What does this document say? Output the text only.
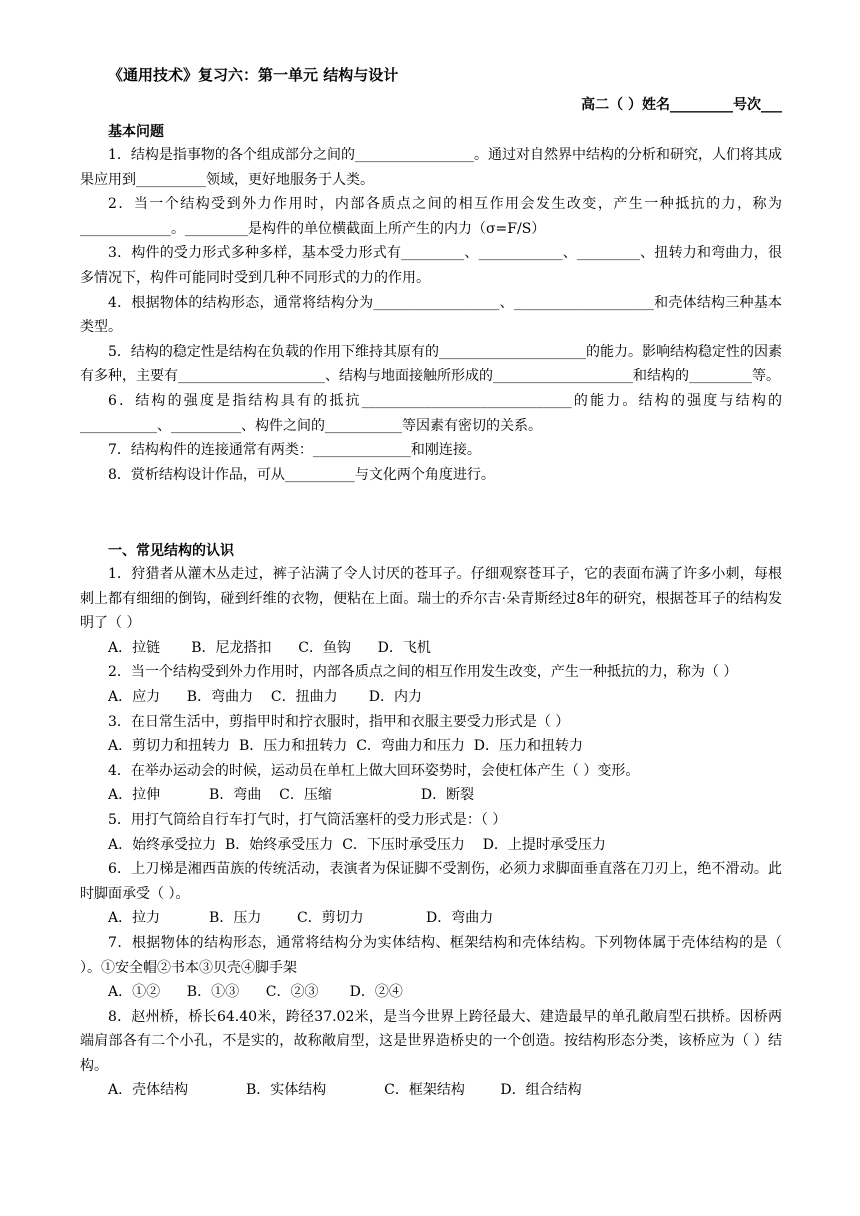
《通用技术》复习六：第一单元 结构与设计
高二（ ）姓名_________号次___
基本问题

1．结构是指事物的各个组成部分之间的_________________。通过对自然界中结构的分析和研究，人们将其成果应用到__________领域，更好地服务于人类。

2．当一个结构受到外力作用时，内部各质点之间的相互作用会发生改变，产生一种抵抗的力，称为_____________。_________是构件的单位横截面上所产生的内力（σ=F/S）

3．构件的受力形式多种多样，基本受力形式有_________、____________、_________、扭转力和弯曲力，很多情况下，构件可能同时受到几种不同形式的力的作用。

4．根据物体的结构形态，通常将结构分为__________________、____________________和壳体结构三种基本类型。

5．结构的稳定性是结构在负载的作用下维持其原有的_____________________的能力。影响结构稳定性的因素有多种，主要有_____________________、结构与地面接触所形成的____________________和结构的_________等。

6．结构的强度是指结构具有的抵抗______________________________的能力。结构的强度与结构的___________、__________、构件之间的___________等因素有密切的关系。

7．结构构件的连接通常有两类：______________和刚连接。

8．赏析结构设计作品，可从__________与文化两个角度进行。

一、常见结构的认识

1．狩猎者从灌木丛走过，裤子沾满了令人讨厌的苍耳子。仔细观察苍耳子，它的表面布满了许多小刺，每根刺上都有细细的倒钩，碰到纤维的衣物，便粘在上面。瑞士的乔尔吉·朵青斯经过8年的研究，根据苍耳子的结构发明了（ ）

A．拉链       B．尼龙搭扣      C．鱼钩      D．飞机

2．当一个结构受到外力作用时，内部各质点之间的相互作用发生改变，产生一种抵抗的力，称为（ ）

A．应力      B．弯曲力    C．扭曲力       D．内力

3．在日常生活中，剪指甲时和拧衣服时，指甲和衣服主要受力形式是（ ）

A．剪切力和扭转力  B．压力和扭转力  C．弯曲力和压力  D．压力和扭转力

4．在举办运动会的时候，运动员在单杠上做大回环姿势时，会使杠体产生（ ）变形。

A．拉伸           B．弯曲    C．压缩                    D．断裂

5．用打气筒给自行车打气时，打气筒活塞杆的受力形式是：（ ）

A．始终承受拉力  B．始终承受压力  C．下压时承受压力    D．上提时承受压力

6．上刀梯是湘西苗族的传统活动，表演者为保证脚不受割伤，必须力求脚面垂直落在刀刃上，绝不滑动。此时脚面承受（ ）。

A．拉力           B．压力        C．剪切力              D．弯曲力

7．根据物体的结构形态，通常将结构分为实体结构、框架结构和壳体结构。下列物体属于壳体结构的是（ ）。①安全帽②书本③贝壳④脚手架

A．①②      B．①③      C．②③       D．②④

8．赵州桥，桥长64.40米，跨径37.02米，是当今世界上跨径最大、建造最早的单孔敞肩型石拱桥。因桥两端肩部各有二个小孔，不是实的，故称敞肩型，这是世界造桥史的一个创造。按结构形态分类，该桥应为（ ）结构。

A．壳体结构             B．实体结构             C．框架结构        D．组合结构
